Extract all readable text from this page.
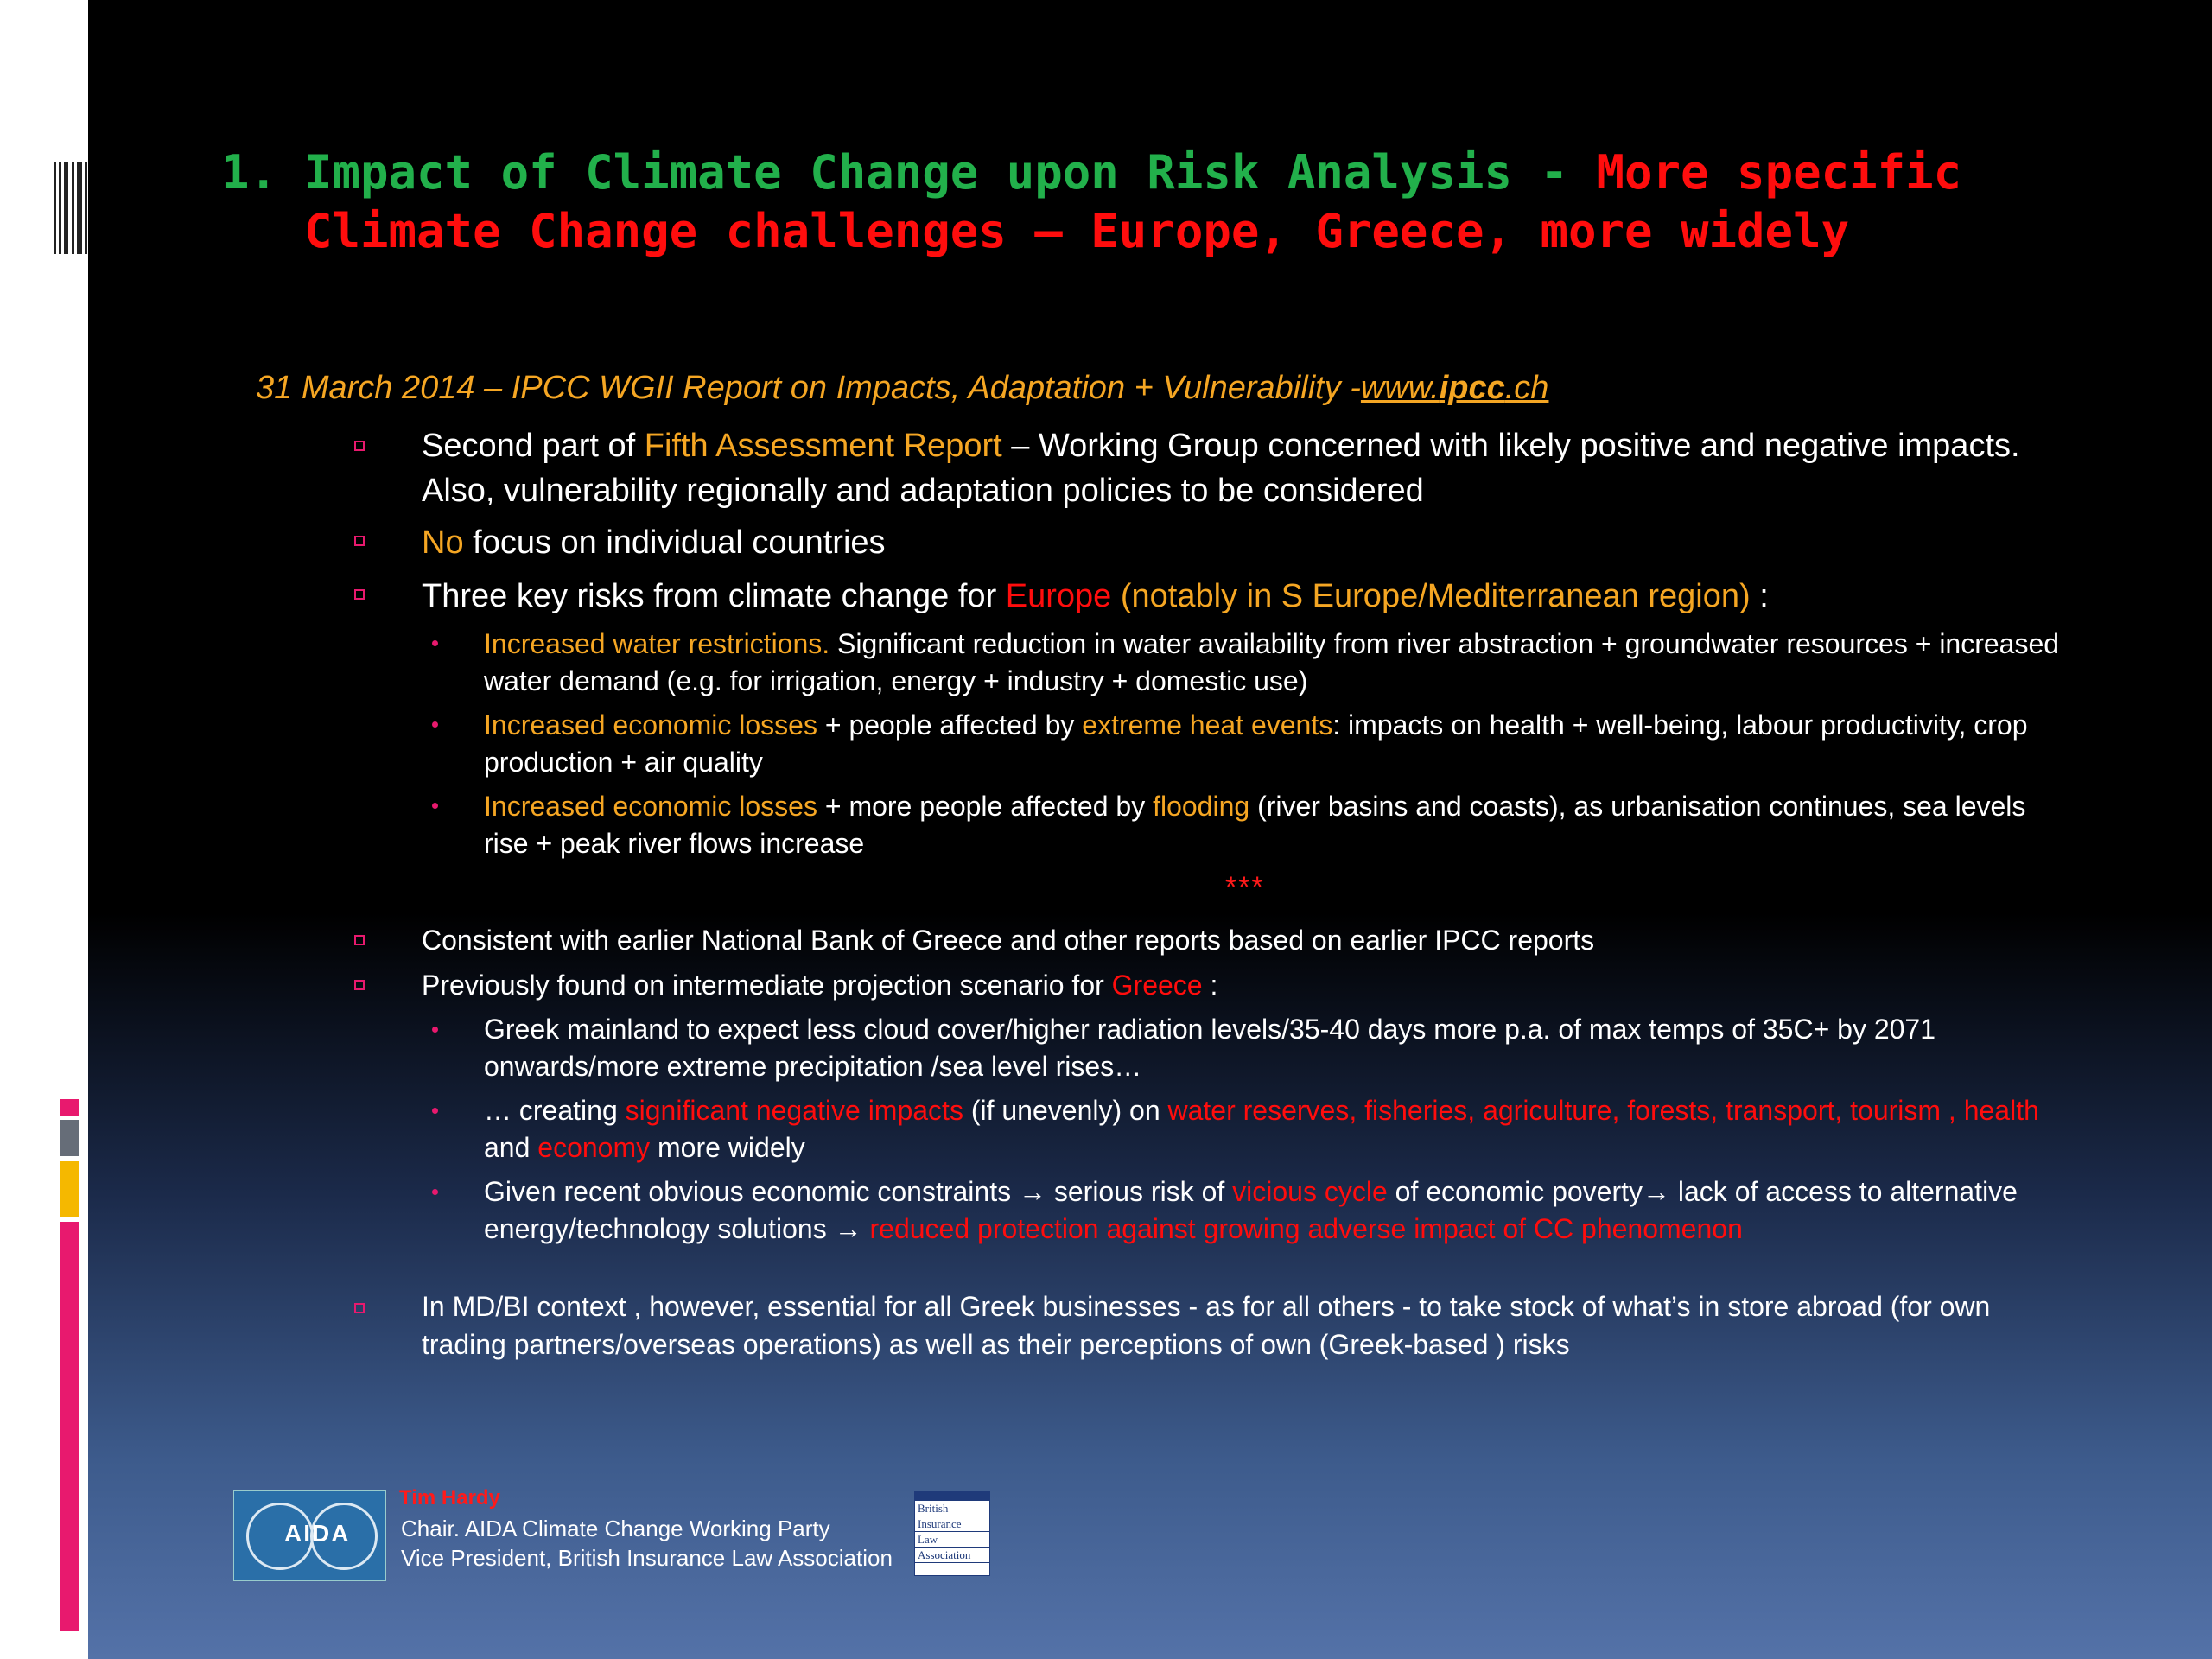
1. Impact of Climate Change upon Risk Analysis - More specific Climate Change challenges – Europe, Greece, more widely
31 March 2014 – IPCC WGII Report on Impacts, Adaptation + Vulnerability -www.ipcc.ch
Second part of Fifth Assessment Report – Working Group concerned with likely positive and negative impacts. Also, vulnerability regionally and adaptation policies to be considered
No focus on individual countries
Three key risks from climate change for Europe (notably in S Europe/Mediterranean region) :
Increased water restrictions. Significant reduction in water availability from river abstraction + groundwater resources + increased water demand (e.g. for irrigation, energy + industry + domestic use)
Increased economic losses + people affected by extreme heat events: impacts on health + well-being, labour productivity, crop production + air quality
Increased economic losses + more people affected by flooding (river basins and coasts), as urbanisation continues, sea levels rise + peak river flows increase
***
Consistent with earlier National Bank of Greece and other reports based on earlier IPCC reports
Previously found on intermediate projection scenario for Greece :
Greek mainland to expect less cloud cover/higher radiation levels/35-40 days more p.a. of max temps of 35C+ by 2071 onwards/more extreme precipitation /sea level rises…
… creating significant negative impacts (if unevenly) on water reserves, fisheries, agriculture, forests, transport, tourism , health and economy more widely
Given recent obvious economic constraints → serious risk of vicious cycle of economic poverty→ lack of access to alternative energy/technology solutions → reduced protection against growing adverse impact of CC phenomenon
In MD/BI context , however, essential for all Greek businesses - as for all others - to take stock of what’s in store abroad (for own trading partners/overseas operations) as well as their perceptions of own (Greek-based ) risks
AIDA
Tim Hardy
Chair. AIDA Climate Change Working Party
Vice President, British Insurance Law Association
British
Insurance
Law
Association
